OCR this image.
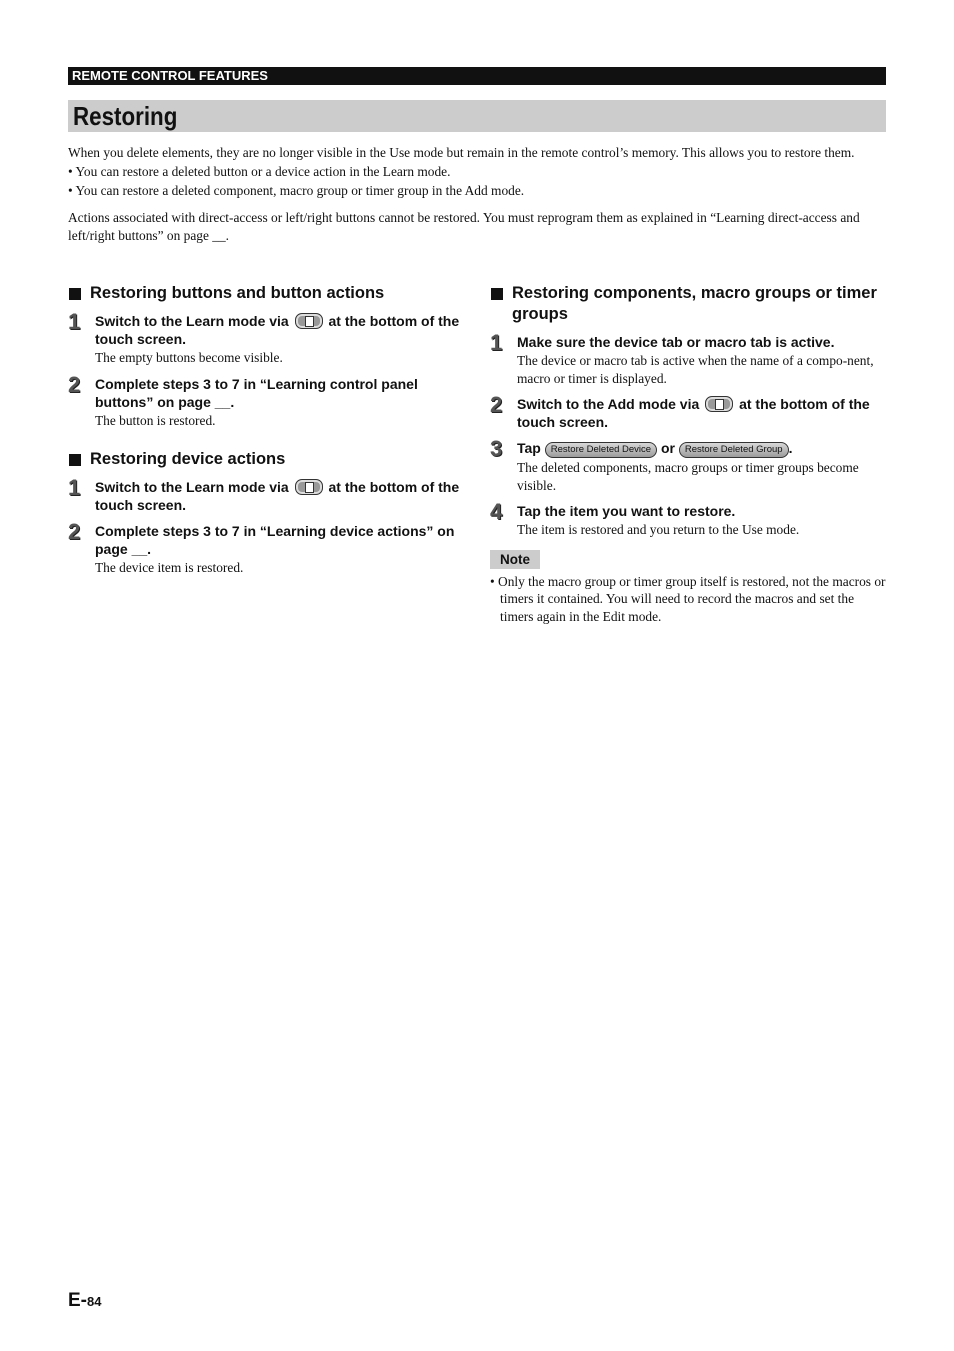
REMOTE CONTROL FEATURES
Restoring

When you delete elements, they are no longer visible in the Use mode but remain in the remote control’s memory. This allows you to restore them.

• You can restore a deleted button or a device action in the Learn mode.

• You can restore a deleted component, macro group or timer group in the Add mode.

Actions associated with direct-access or left/right buttons cannot be restored. You must reprogram them as explained in “Learning direct-access and left/right buttons” on page __.

Restoring buttons and button actions
1	Switch to the Learn mode via	at the bottom of the touch screen.
The empty buttons become visible.
2	Complete steps 3 to 7 in “Learning control panel buttons” on page __.
The button is restored.
Restoring device actions
1	Switch to the Learn mode via	at the bottom of the touch screen.
2	Complete steps 3 to 7 in “Learning device actions” on page __.
The device item is restored.
Restoring components, macro groups or timer groups
1	Make sure the device tab or macro tab is active.
The device or macro tab is active when the name of a compo-nent, macro or timer is displayed.
2	Switch to the Add mode via	at the bottom of the touch screen.
3	Tap Restore Deleted Device or Restore Deleted Group .
The deleted components, macro groups or timer groups become visible.
4	Tap the item you want to restore.
The item is restored and you return to the Use mode.
Note
• Only the macro group or timer group itself is restored, not the macros or timers it contained. You will need to record the macros and set the timers again in the Edit mode.
E-84
